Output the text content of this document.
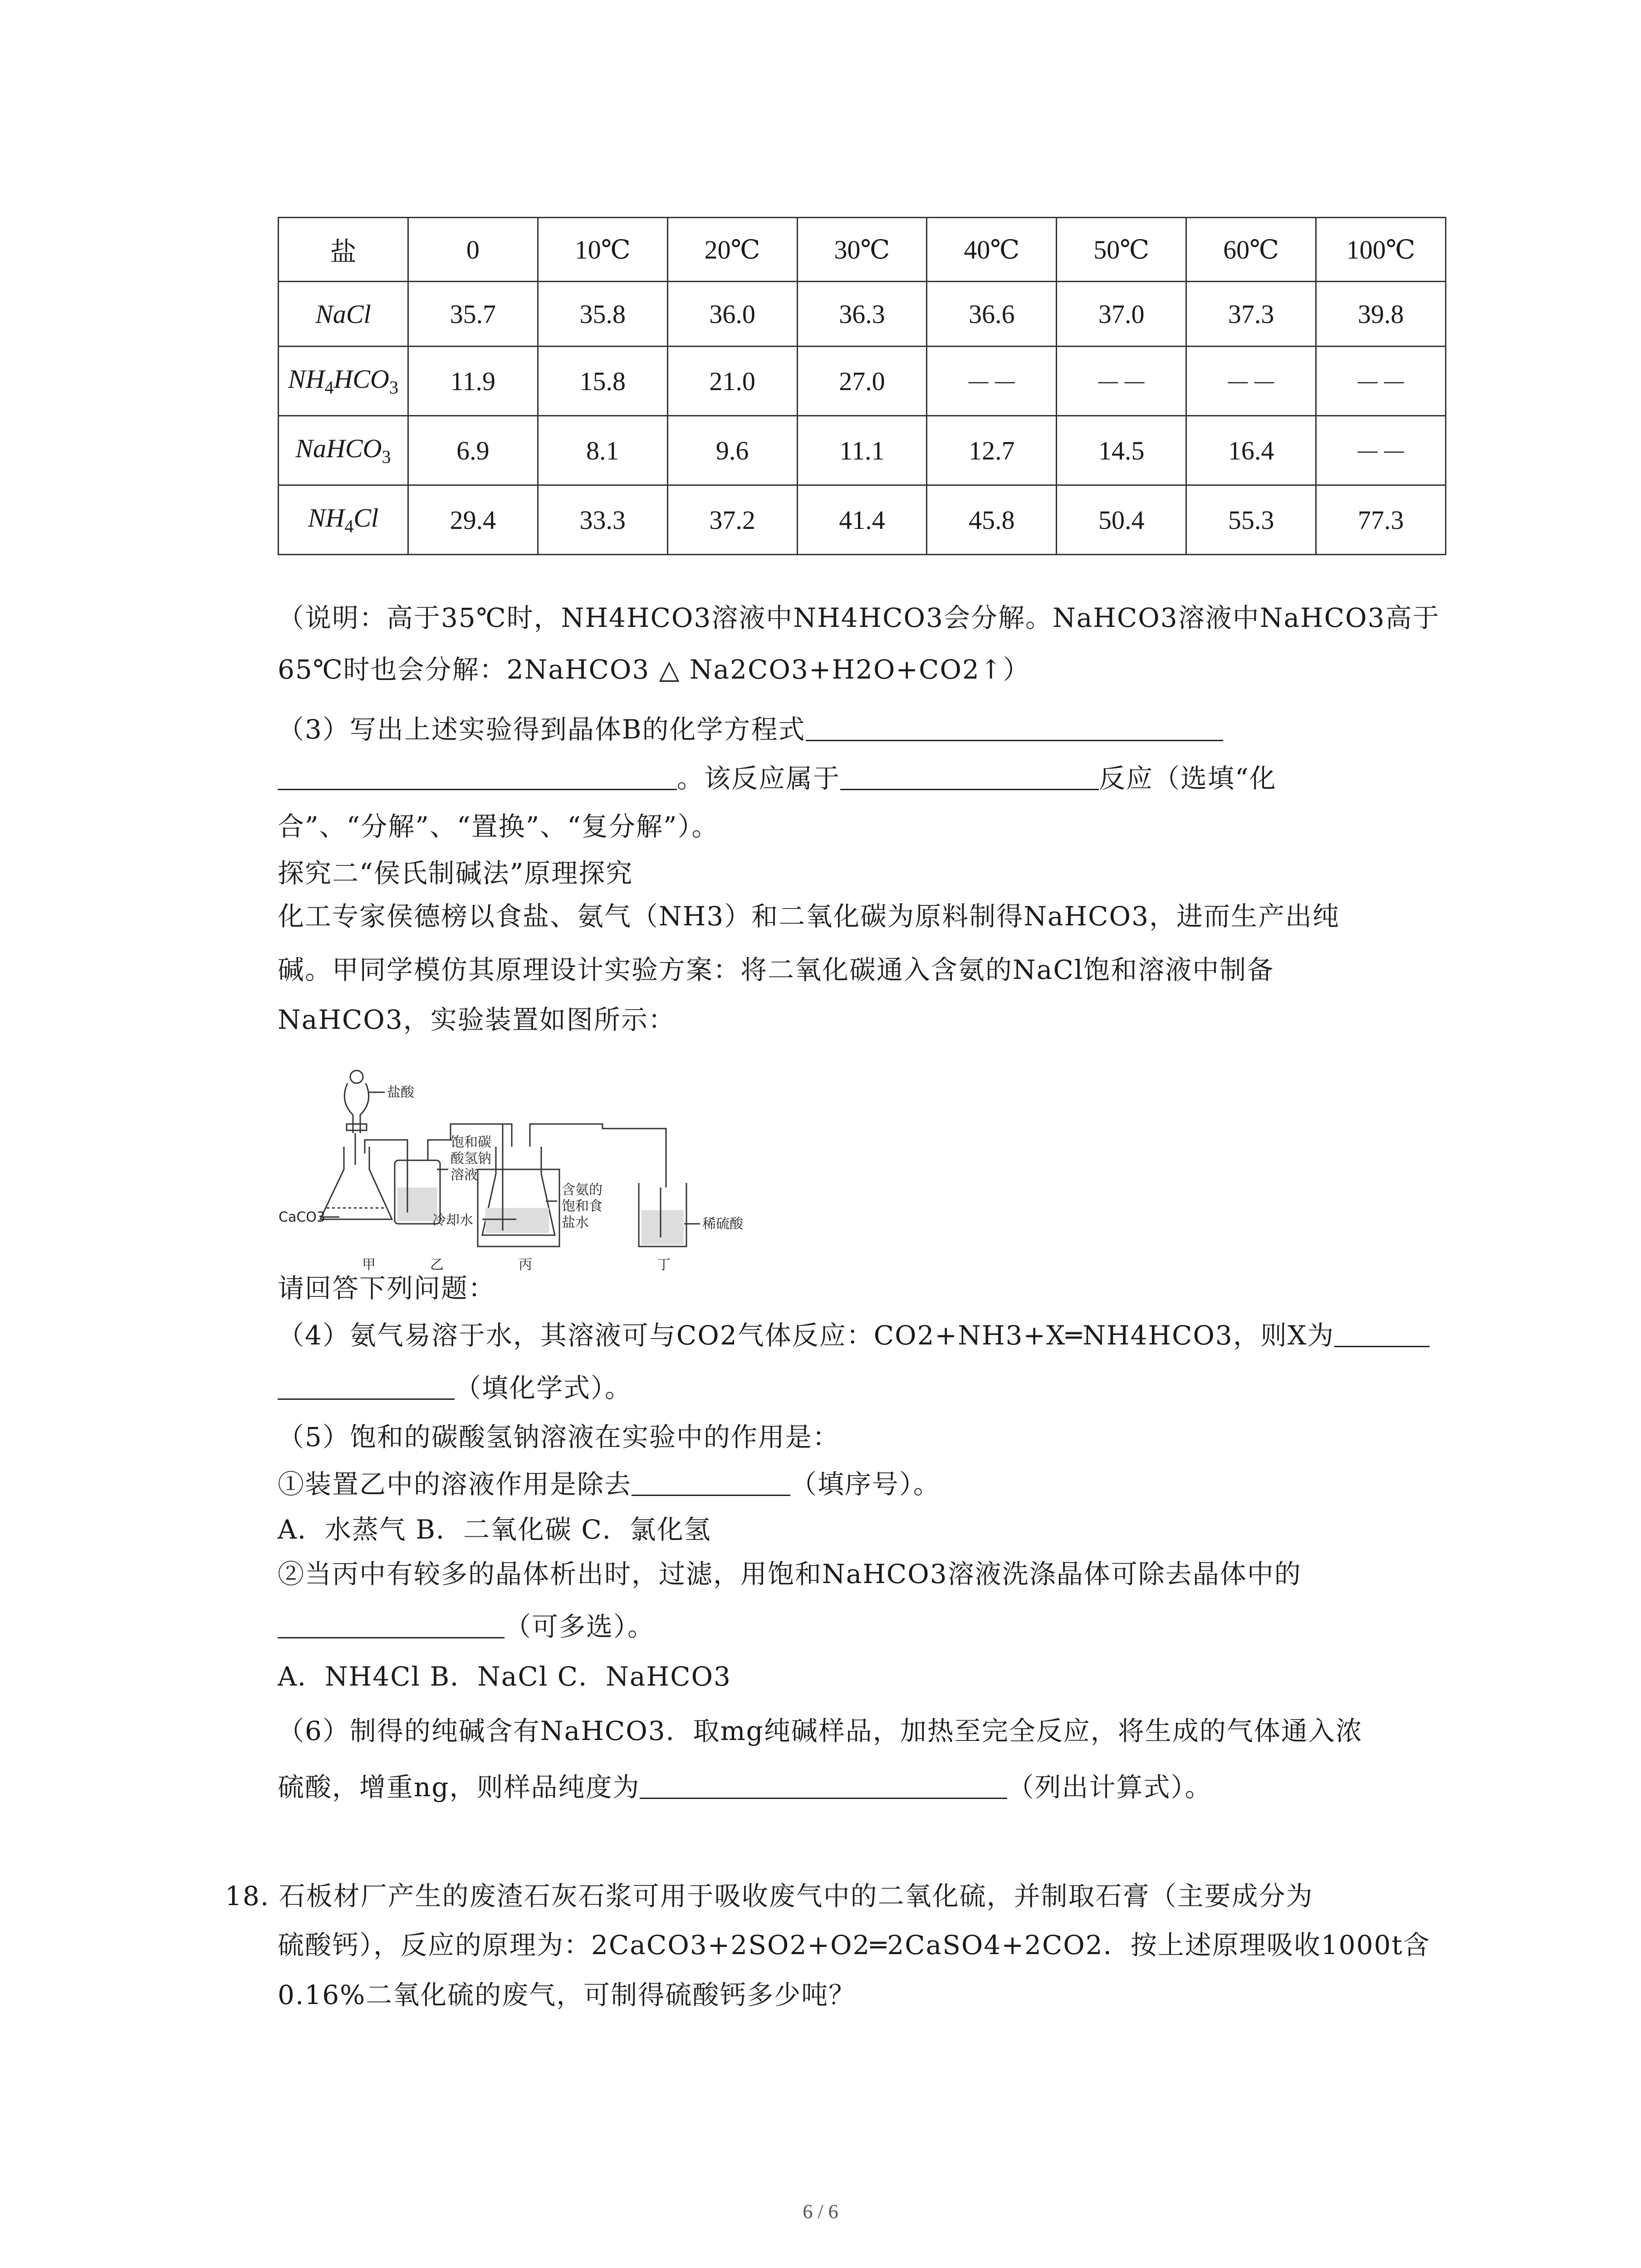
盐	0	10℃	20℃	30℃	40℃	50℃	60℃	100℃
NaCl	35.7	35.8	36.0	36.3	36.6	37.0	37.3	39.8
$NH_4HCO_3$	11.9	15.8	21.0	27.0	－－	－－	－－	－－
NaHCO$_3$	6.9	8.1	9.6	11.1	12.7	14.5	16.4	－－
$NH_4Cl$	29.4	33.3	37.2	41.4	45.8	50.4	55.3	77.3
（说明：高于35℃时，NH4HCO3溶液中NH4HCO3会分解。NaHCO3溶液中NaHCO3高于
65℃时也会分解：2NaHCO3 △ Na2CO3+H2O+CO2↑）
（3）写出上述实验得到晶体B的化学方程式
。该反应属于	反应（选填“化
合”、“分解”、“置换”、“复分解”）。
探究二“侯氏制碱法”原理探究
化工专家侯德榜以食盐、氨气（NH3）和二氧化碳为原料制得NaHCO3，进而生产出纯
碱。甲同学模仿其原理设计实验方案：将二氧化碳通入含氨的NaCl饱和溶液中制备
NaHCO3，实验装置如图所示：
盐酸
饱和碳
酸氢钠
溶液
含氨的
饱和食
盐水
冷却水	稀硫酸
CaCO3
甲	乙	丙	丁
请回答下列问题：
（4）氨气易溶于水，其溶液可与CO2气体反应：CO2+NH3+X═NH4HCO3，则X为
（填化学式）。
（5）饱和的碳酸氢钠溶液在实验中的作用是：
①装置乙中的溶液作用是除去	（填序号）。
A．水蒸气 B．二氧化碳 C．氯化氢
②当丙中有较多的晶体析出时，过滤，用饱和NaHCO3溶液洗涤晶体可除去晶体中的
（可多选）。
A．NH4Cl B．NaCl C．NaHCO3
（6）制得的纯碱含有NaHCO3．取mg纯碱样品，加热至完全反应，将生成的气体通入浓
硫酸，增重ng，则样品纯度为	（列出计算式）。
18. 石板材厂产生的废渣石灰石浆可用于吸收废气中的二氧化硫，并制取石膏（主要成分为
硫酸钙），反应的原理为：2CaCO3+2SO2+O2═2CaSO4+2CO2．按上述原理吸收1000t含
0.16%二氧化硫的废气，可制得硫酸钙多少吨？
6 / 6
